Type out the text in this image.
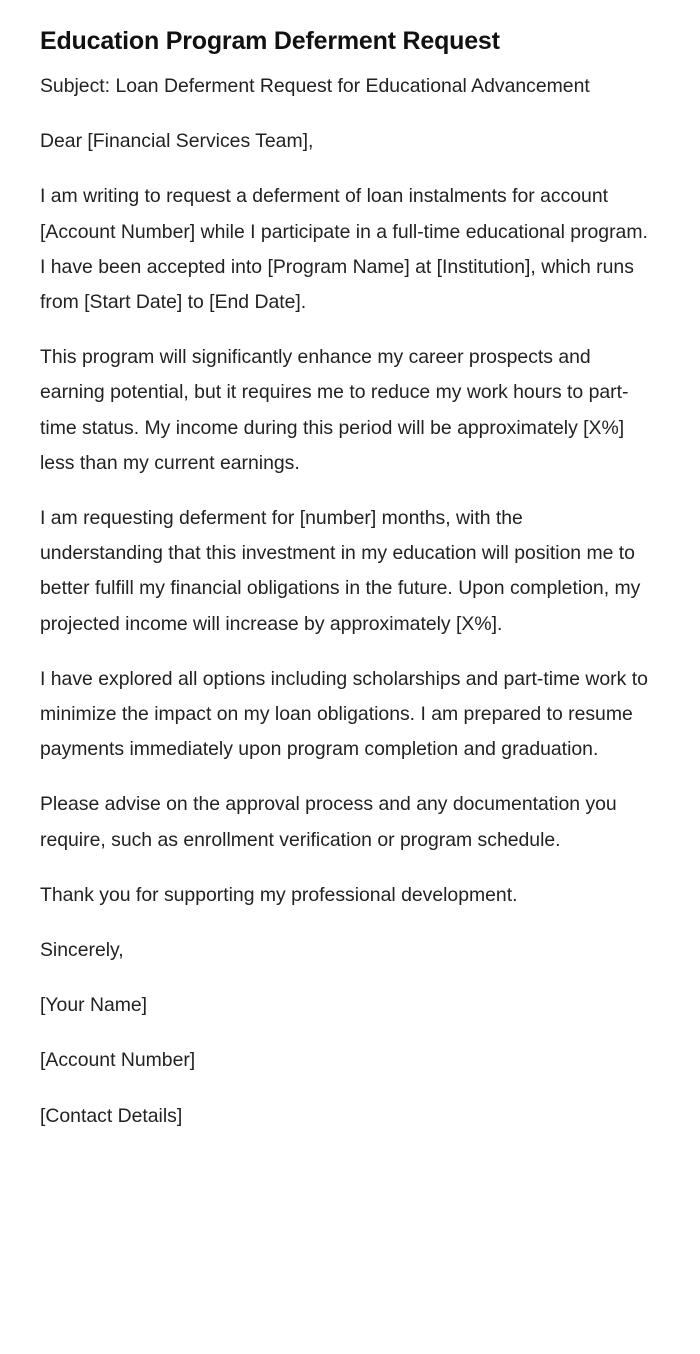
Education Program Deferment Request

Subject: Loan Deferment Request for Educational Advancement

Dear [Financial Services Team],

I am writing to request a deferment of loan instalments for account [Account Number] while I participate in a full-time educational program. I have been accepted into [Program Name] at [Institution], which runs from [Start Date] to [End Date].

This program will significantly enhance my career prospects and earning potential, but it requires me to reduce my work hours to part-time status. My income during this period will be approximately [X%] less than my current earnings.

I am requesting deferment for [number] months, with the understanding that this investment in my education will position me to better fulfill my financial obligations in the future. Upon completion, my projected income will increase by approximately [X%].

I have explored all options including scholarships and part-time work to minimize the impact on my loan obligations. I am prepared to resume payments immediately upon program completion and graduation.

Please advise on the approval process and any documentation you require, such as enrollment verification or program schedule.

Thank you for supporting my professional development.

Sincerely,

[Your Name]

[Account Number]

[Contact Details]
